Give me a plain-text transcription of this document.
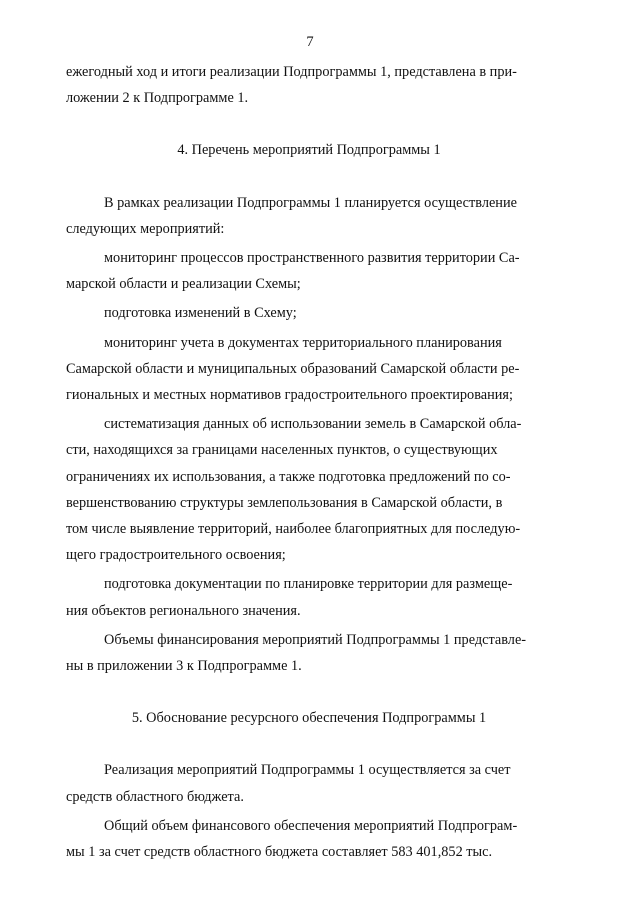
7

ежегодный ход и итоги реализации Подпрограммы 1, представлена в при-
ложении 2 к Подпрограмме 1.

4. Перечень мероприятий Подпрограммы 1

В рамках реализации Подпрограммы 1 планируется осуществление
следующих мероприятий:

мониторинг процессов пространственного развития территории Са-
марской области и реализации Схемы;

подготовка изменений в Схему;

мониторинг учета в документах территориального планирования
Самарской области и муниципальных образований Самарской области ре-
гиональных и местных нормативов градостроительного проектирования;

систематизация данных об использовании земель в Самарской обла-
сти, находящихся за границами населенных пунктов, о существующих
ограничениях их использования, а также подготовка предложений по со-
вершенствованию структуры землепользования в Самарской области, в
том числе выявление территорий, наиболее благоприятных для последую-
щего градостроительного освоения;

подготовка документации по планировке территории для размеще-
ния объектов регионального значения.

Объемы финансирования мероприятий Подпрограммы 1 представле-
ны в приложении 3 к Подпрограмме 1.

5. Обоснование ресурсного обеспечения Подпрограммы 1

Реализация мероприятий Подпрограммы 1 осуществляется за счет
средств областного бюджета.

Общий объем финансового обеспечения мероприятий Подпрограм-
мы 1 за счет средств областного бюджета составляет 583 401,852 тыс.
